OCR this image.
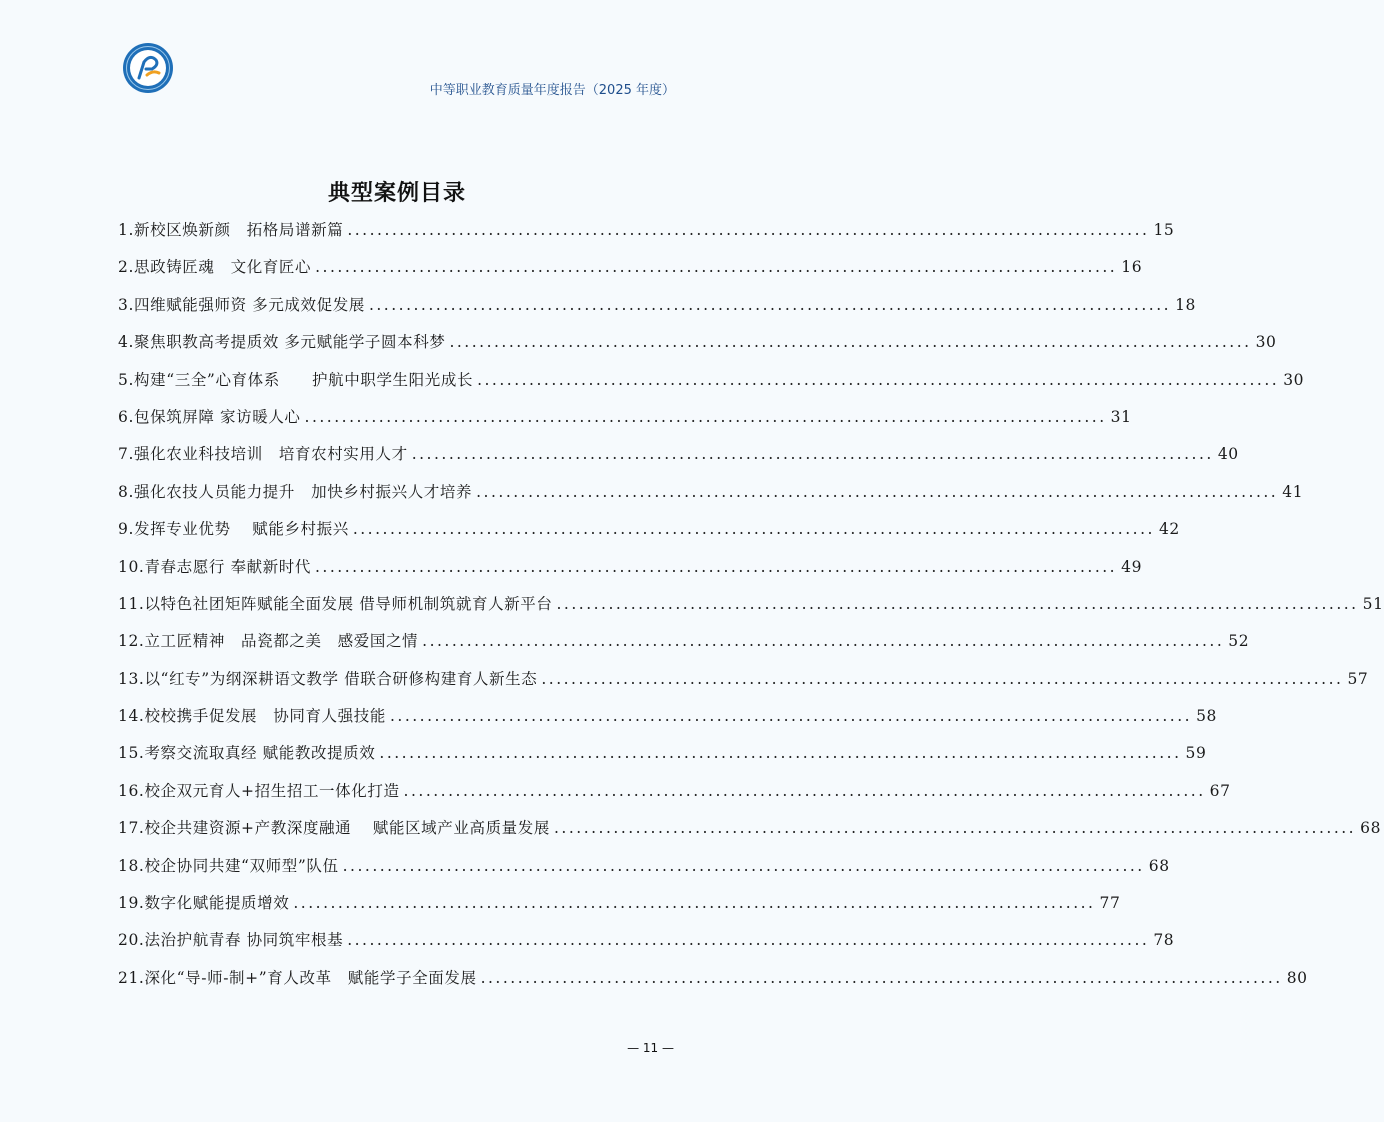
中等职业教育质量年度报告（2025 年度）
典型案例目录
1. 新校区焕新颜　拓格局谱新篇 .....	15
2. 思政铸匠魂　文化育匠心 .....	16
3. 四维赋能强师资 多元成效促发展 .....	18
4. 聚焦职教高考提质效 多元赋能学子圆本科梦 .....	30
5. 构建“三全”心育体系　　护航中职学生阳光成长 .....	30
6. 包保筑屏障 家访暖人心 .....	31
7. 强化农业科技培训　培育农村实用人才 .....	40
8. 强化农技人员能力提升　加快乡村振兴人才培养 .....	41
9. 发挥专业优势　 赋能乡村振兴 .....	42
10. 青春志愿行 奉献新时代 .....	49
11. 以特色社团矩阵赋能全面发展 借导师机制筑就育人新平台 .....	51
12. 立工匠精神　品瓷都之美　感爱国之情 .....	52
13. 以“红专”为纲深耕语文教学 借联合研修构建育人新生态 .....	57
14. 校校携手促发展　协同育人强技能 .....	58
15. 考察交流取真经 赋能教改提质效 .....	59
16. 校企双元育人+招生招工一体化打造 .....	67
17. 校企共建资源+产教深度融通　 赋能区域产业高质量发展 .....	68
18. 校企协同共建“双师型”队伍 .....	68
19. 数字化赋能提质增效 .....	77
20. 法治护航青春 协同筑牢根基 .....	78
21. 深化“导-师-制+”育人改革　赋能学子全面发展 .....	80
— 11 —
